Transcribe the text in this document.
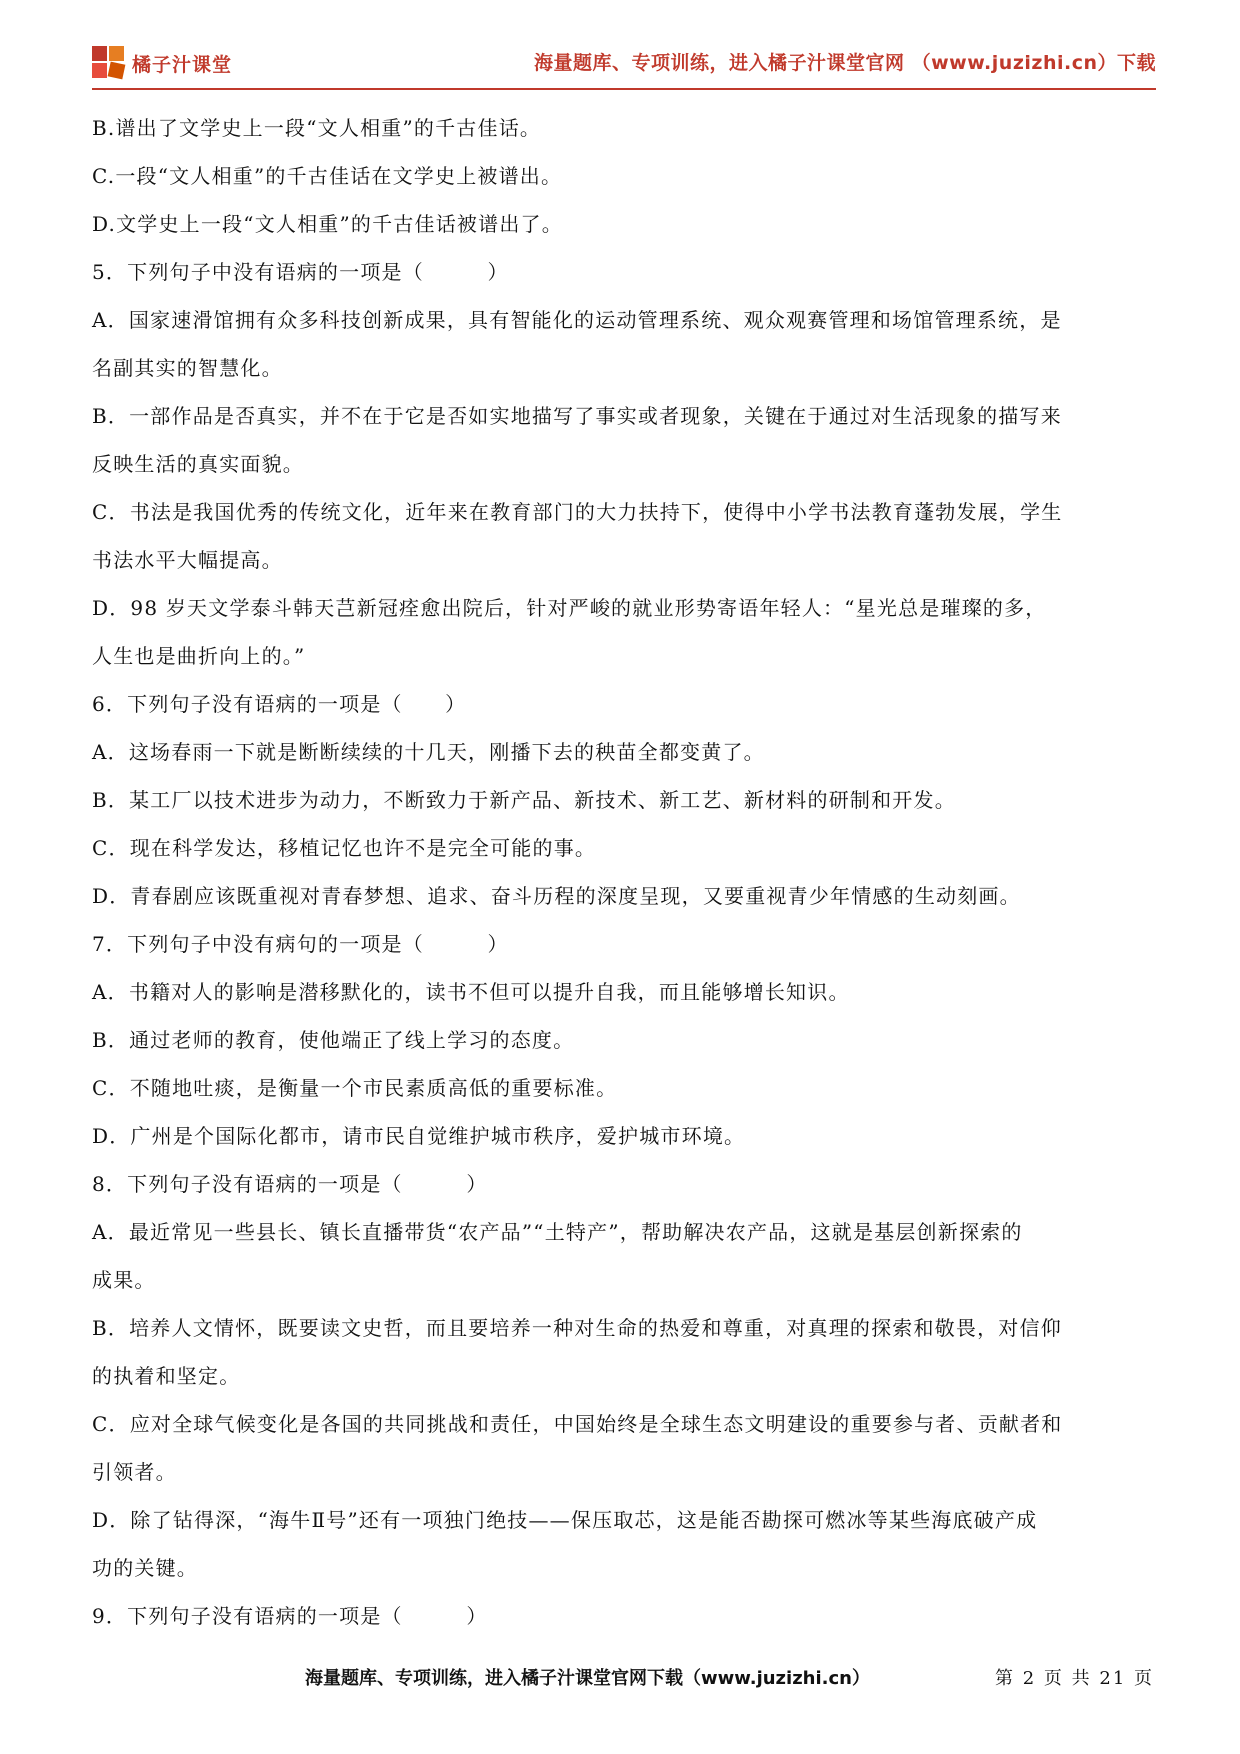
橘子汁课堂	海量题库、专项训练，进入橘子汁课堂官网 （www.juzizhi.cn）下载
B.谱出了文学史上一段“文人相重”的千古佳话。
C.一段“文人相重”的千古佳话在文学史上被谱出。
D.文学史上一段“文人相重”的千古佳话被谱出了。
5．下列句子中没有语病的一项是（　　　）
A．国家速滑馆拥有众多科技创新成果，具有智能化的运动管理系统、观众观赛管理和场馆管理系统，是
名副其实的智慧化。
B．一部作品是否真实，并不在于它是否如实地描写了事实或者现象，关键在于通过对生活现象的描写来
反映生活的真实面貌。
C．书法是我国优秀的传统文化，近年来在教育部门的大力扶持下，使得中小学书法教育蓬勃发展，学生
书法水平大幅提高。
D．98 岁天文学泰斗韩天芑新冠痊愈出院后，针对严峻的就业形势寄语年轻人：“星光总是璀璨的多，
人生也是曲折向上的。”
6．下列句子没有语病的一项是（　　）
A．这场春雨一下就是断断续续的十几天，刚播下去的秧苗全都变黄了。
B．某工厂以技术进步为动力，不断致力于新产品、新技术、新工艺、新材料的研制和开发。
C．现在科学发达，移植记忆也许不是完全可能的事。
D．青春剧应该既重视对青春梦想、追求、奋斗历程的深度呈现，又要重视青少年情感的生动刻画。
7．下列句子中没有病句的一项是（　　　）
A．书籍对人的影响是潜移默化的，读书不但可以提升自我，而且能够增长知识。
B．通过老师的教育，使他端正了线上学习的态度。
C．不随地吐痰，是衡量一个市民素质高低的重要标准。
D．广州是个国际化都市，请市民自觉维护城市秩序，爱护城市环境。
8．下列句子没有语病的一项是（　　　）
A．最近常见一些县长、镇长直播带货“农产品”“土特产”，帮助解决农产品，这就是基层创新探索的
成果。
B．培养人文情怀，既要读文史哲，而且要培养一种对生命的热爱和尊重，对真理的探索和敬畏，对信仰
的执着和坚定。
C．应对全球气候变化是各国的共同挑战和责任，中国始终是全球生态文明建设的重要参与者、贡献者和
引领者。
D．除了钻得深，“海牛Ⅱ号”还有一项独门绝技——保压取芯，这是能否勘探可燃冰等某些海底破产成
功的关键。
9．下列句子没有语病的一项是（　　　）
海量题库、专项训练，进入橘子汁课堂官网下载（www.juzizhi.cn）	第 2 页 共 21 页
